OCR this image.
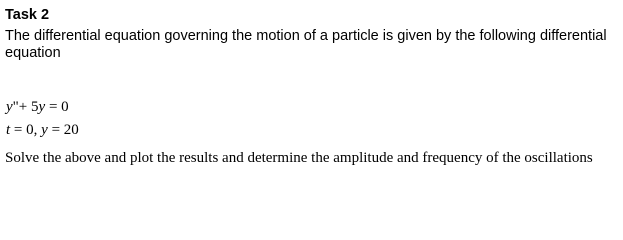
Task 2
The differential equation governing the motion of a particle is given by the following differential equation
y"+ 5y = 0
t = 0, y = 20
Solve the above and plot the results and determine the amplitude and frequency of the oscillations
